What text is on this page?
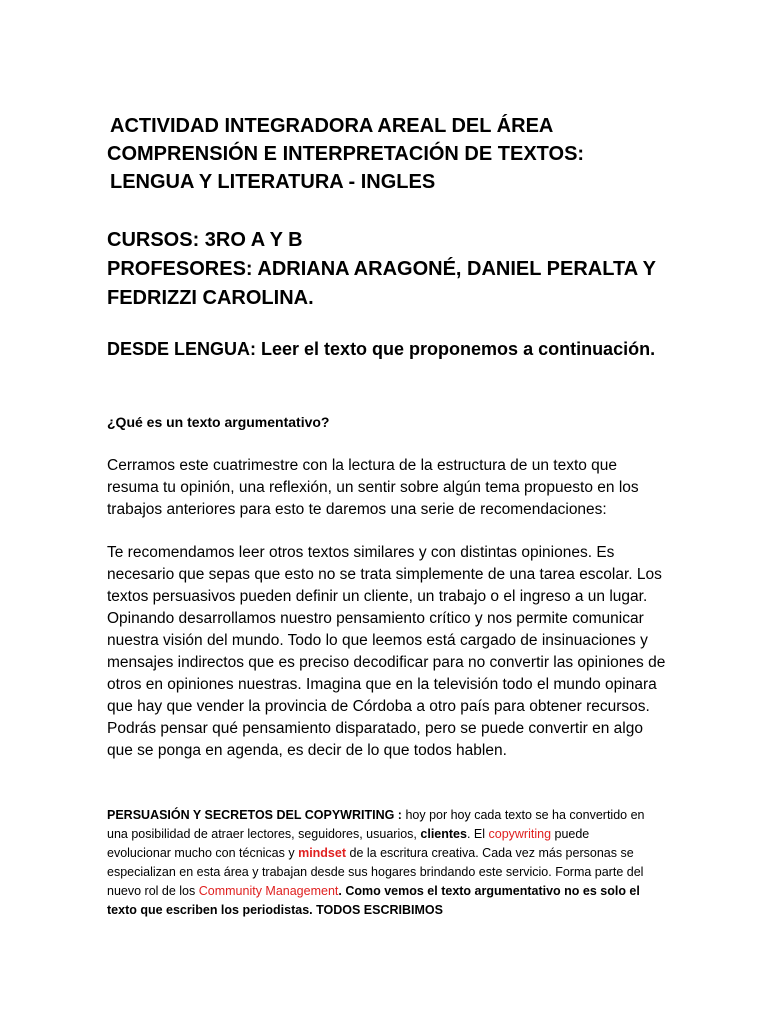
ACTIVIDAD INTEGRADORA AREAL DEL ÁREA
COMPRENSIÓN E INTERPRETACIÓN DE TEXTOS:
LENGUA Y LITERATURA - INGLES
CURSOS: 3RO A Y B
PROFESORES: ADRIANA ARAGONÉ, DANIEL PERALTA Y
FEDRIZZI CAROLINA.
DESDE LENGUA: Leer el texto que proponemos a continuación.
¿Qué es un texto argumentativo?
Cerramos este cuatrimestre con la lectura de la estructura de un texto que resuma tu opinión, una reflexión, un sentir sobre algún tema propuesto en los trabajos anteriores para esto te daremos una serie de recomendaciones:
Te recomendamos leer otros textos similares y con distintas opiniones. Es necesario que sepas que esto no se trata simplemente de una tarea escolar. Los textos persuasivos pueden definir un cliente, un trabajo o el ingreso a un lugar. Opinando desarrollamos nuestro pensamiento crítico y nos permite comunicar nuestra visión del mundo. Todo lo que leemos está cargado de insinuaciones y mensajes indirectos que es preciso decodificar para no convertir las opiniones de otros en opiniones nuestras. Imagina que en la televisión todo el mundo opinara que hay que vender la provincia de Córdoba a otro país para obtener recursos. Podrás pensar qué pensamiento disparatado, pero se puede convertir en algo que se ponga en agenda, es decir de lo que todos hablen.
PERSUASIÓN Y SECRETOS DEL COPYWRITING : hoy por hoy cada texto se ha convertido en una posibilidad de atraer lectores, seguidores, usuarios, clientes. El copywriting puede evolucionar mucho con técnicas y mindset de la escritura creativa. Cada vez más personas se especializan en esta área y trabajan desde sus hogares brindando este servicio. Forma parte del nuevo rol de los Community Management. Como vemos el texto argumentativo no es solo el texto que escriben los periodistas. TODOS ESCRIBIMOS
